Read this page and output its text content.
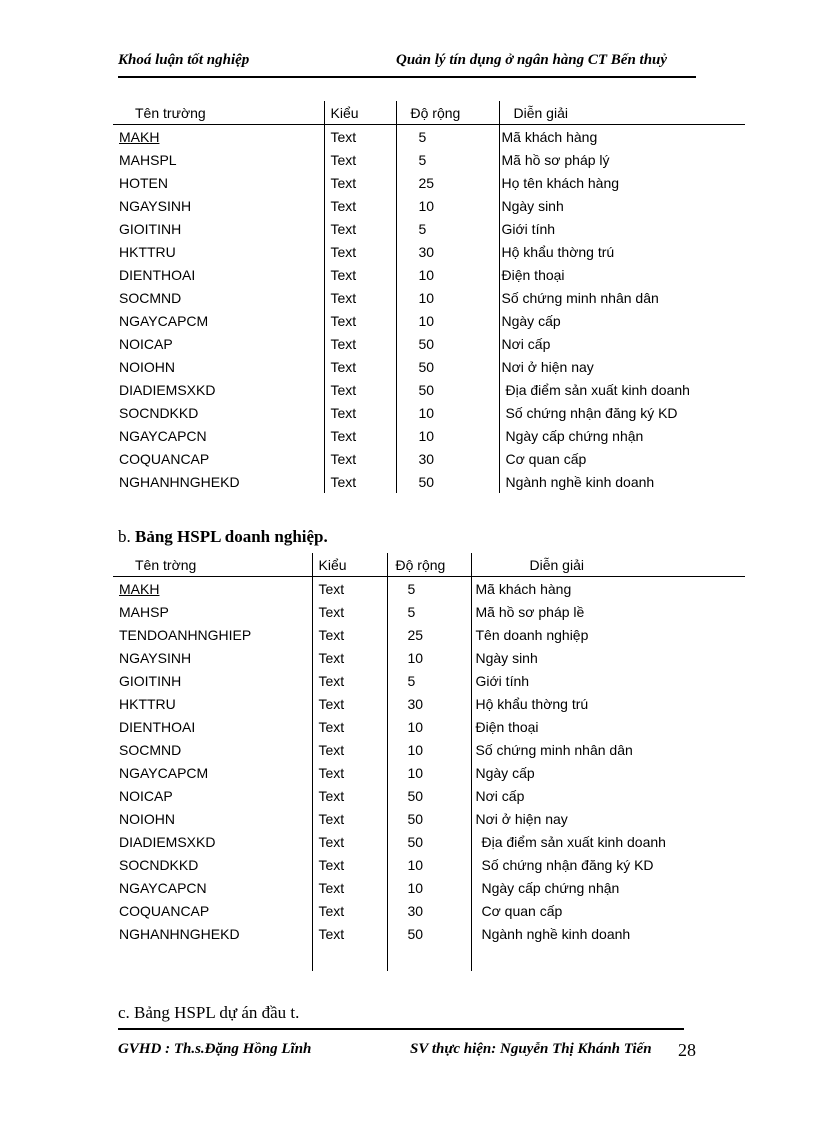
Khoá luận tốt nghiệp	Quản lý tín dụng ở ngân hàng CT Bến thuỷ
Tên trường	Kiểu	Độ rộng	Diễn giải
MAKH	Text	5	Mã khách hàng
MAHSPL	Text	5	Mã hồ sơ pháp lý
HOTEN	Text	25	Họ tên khách hàng
NGAYSINH	Text	10	Ngày sinh
GIOITINH	Text	5	Giới tính
HKTTRU	Text	30	Hộ khẩu thờng trú
DIENTHOAI	Text	10	Điện thoại
SOCMND	Text	10	Số chứng minh nhân dân
NGAYCAPCM	Text	10	Ngày cấp
NOICAP	Text	50	Nơi cấp
NOIOHN	Text	50	Nơi ở hiện nay
DIADIEMSXKD	Text	50	Địa điểm sản xuất kinh doanh
SOCNDKKD	Text	10	Số chứng nhận đăng ký KD
NGAYCAPCN	Text	10	Ngày cấp chứng nhận
COQUANCAP	Text	30	Cơ quan cấp
NGHANHNGHEKD	Text	50	Ngành nghề kinh doanh
b. Bảng HSPL doanh nghiệp.
Tên trờng	Kiểu	Độ rộng	Diễn giải
MAKH	Text	5	Mã khách hàng
MAHSP	Text	5	Mã hồ sơ pháp lề
TENDOANHNGHIEP	Text	25	Tên doanh nghiệp
NGAYSINH	Text	10	Ngày sinh
GIOITINH	Text	5	Giới tính
HKTTRU	Text	30	Hộ khẩu thờng trú
DIENTHOAI	Text	10	Điện thoại
SOCMND	Text	10	Số chứng minh nhân dân
NGAYCAPCM	Text	10	Ngày cấp
NOICAP	Text	50	Nơi cấp
NOIOHN	Text	50	Nơi ở hiện nay
DIADIEMSXKD	Text	50	Địa điểm sản xuất kinh doanh
SOCNDKKD	Text	10	Số chứng nhận đăng ký KD
NGAYCAPCN	Text	10	Ngày cấp chứng nhận
COQUANCAP	Text	30	Cơ quan cấp
NGHANHNGHEKD	Text	50	Ngành nghề kinh doanh

c. Bảng HSPL dự án đầu t.
GVHD : Th.s.Đặng Hồng Lĩnh	SV thực hiện: Nguyễn Thị Khánh Tiến 28
